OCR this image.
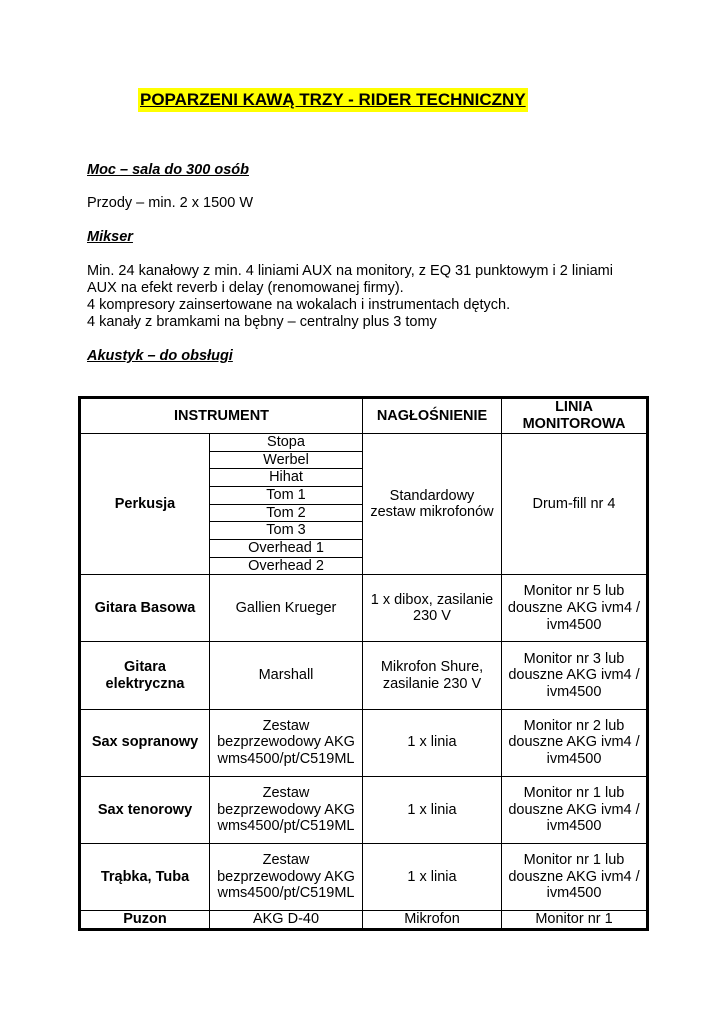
POPARZENI KAWĄ TRZY - RIDER TECHNICZNY
Moc – sala do 300 osób
Przody – min. 2 x 1500 W
Mikser
Min. 24 kanałowy z min. 4 liniami AUX na monitory, z EQ 31 punktowym i 2 liniami
AUX na efekt reverb i delay (renomowanej firmy).
4 kompresory zainsertowane na wokalach i instrumentach dętych.
4 kanały z bramkami na bębny – centralny plus 3 tomy
Akustyk – do obsługi
INSTRUMENT		NAGŁOŚNIENIE	LINIA MONITOROWA
Perkusja	Stopa	Standardowy zestaw mikrofonów	Drum-fill nr 4
	Werbel		
	Hihat		
	Tom 1		
	Tom 2		
	Tom 3		
	Overhead 1		
	Overhead 2		
Gitara Basowa	Gallien Krueger	1 x dibox, zasilanie 230 V	Monitor nr 5 lub dousznе AKG ivm4 / ivm4500
Gitara elektryczna	Marshall	Mikrofon Shure, zasilanie 230 V	Monitor nr 3 lub douszne AKG ivm4 / ivm4500
Sax sopranowy	Zestaw bezprzewodowy AKG wms4500/pt/C519ML	1 x linia	Monitor nr 2 lub douszne AKG ivm4 / ivm4500
Sax tenorowy	Zestaw bezprzewodowy AKG wms4500/pt/C519ML	1 x linia	Monitor nr 1 lub douszne AKG ivm4 / ivm4500
Trąbka, Tuba	Zestaw bezprzewodowy AKG wms4500/pt/C519ML	1 x linia	Monitor nr 1 lub douszne AKG ivm4 / ivm4500
Puzon	AKG D-40	Mikrofon	Monitor nr 1
